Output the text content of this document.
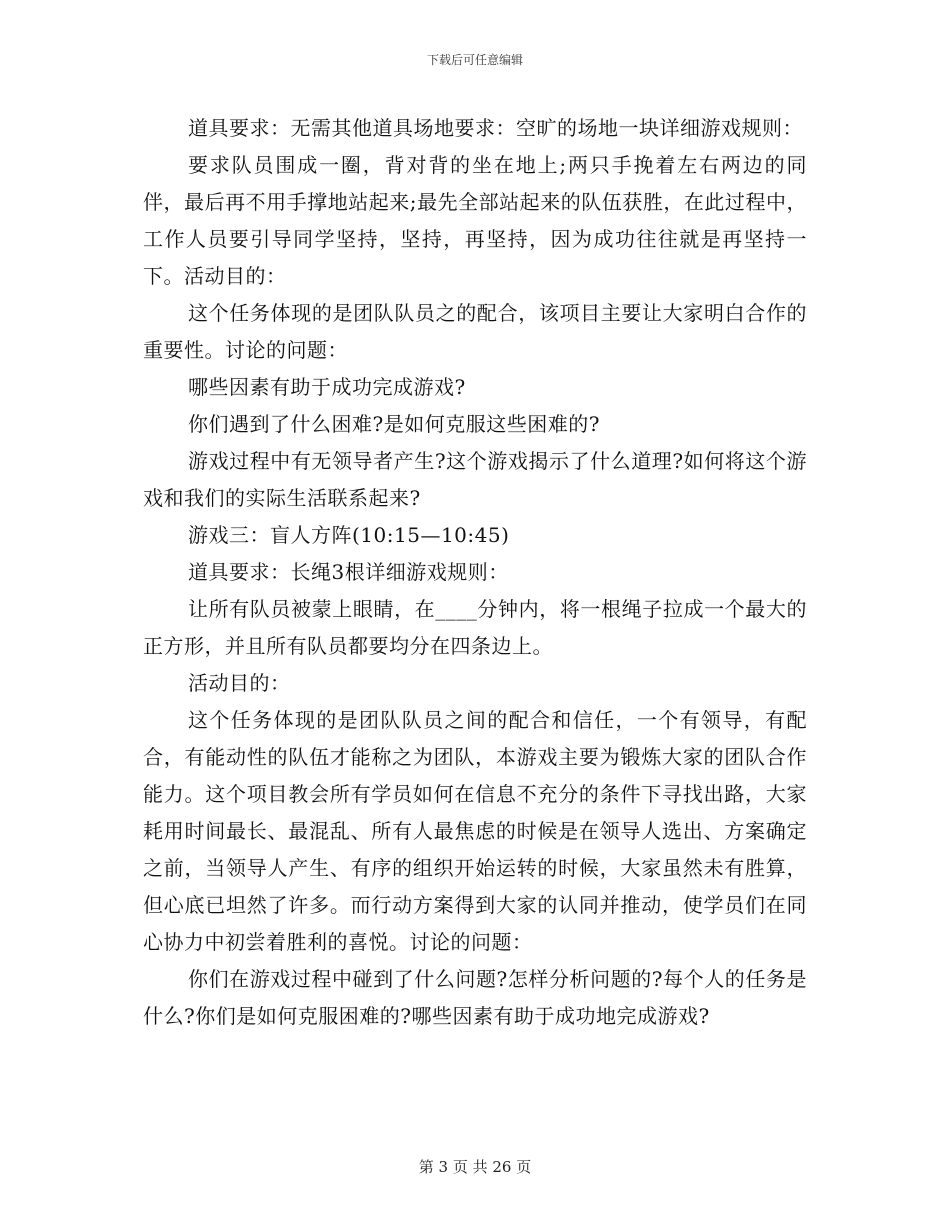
下载后可任意编辑

道具要求：无需其他道具场地要求：空旷的场地一块详细游戏规则：

要求队员围成一圈，背对背的坐在地上;两只手挽着左右两边的同伴，最后再不用手撑地站起来;最先全部站起来的队伍获胜，在此过程中，工作人员要引导同学坚持，坚持，再坚持，因为成功往往就是再坚持一下。活动目的：

这个任务体现的是团队队员之的配合，该项目主要让大家明白合作的重要性。讨论的问题：

哪些因素有助于成功完成游戏?

你们遇到了什么困难?是如何克服这些困难的?

游戏过程中有无领导者产生?这个游戏揭示了什么道理?如何将这个游戏和我们的实际生活联系起来?

游戏三：盲人方阵(10:15—10:45)

道具要求：长绳3根详细游戏规则：

让所有队员被蒙上眼睛，在____分钟内，将一根绳子拉成一个最大的正方形，并且所有队员都要均分在四条边上。

活动目的：

这个任务体现的是团队队员之间的配合和信任，一个有领导，有配合，有能动性的队伍才能称之为团队，本游戏主要为锻炼大家的团队合作能力。这个项目教会所有学员如何在信息不充分的条件下寻找出路，大家耗用时间最长、最混乱、所有人最焦虑的时候是在领导人选出、方案确定之前，当领导人产生、有序的组织开始运转的时候，大家虽然未有胜算，但心底已坦然了许多。而行动方案得到大家的认同并推动，使学员们在同心协力中初尝着胜利的喜悦。讨论的问题：

你们在游戏过程中碰到了什么问题?怎样分析问题的?每个人的任务是什么?你们是如何克服困难的?哪些因素有助于成功地完成游戏?

第 3 页 共 26 页
